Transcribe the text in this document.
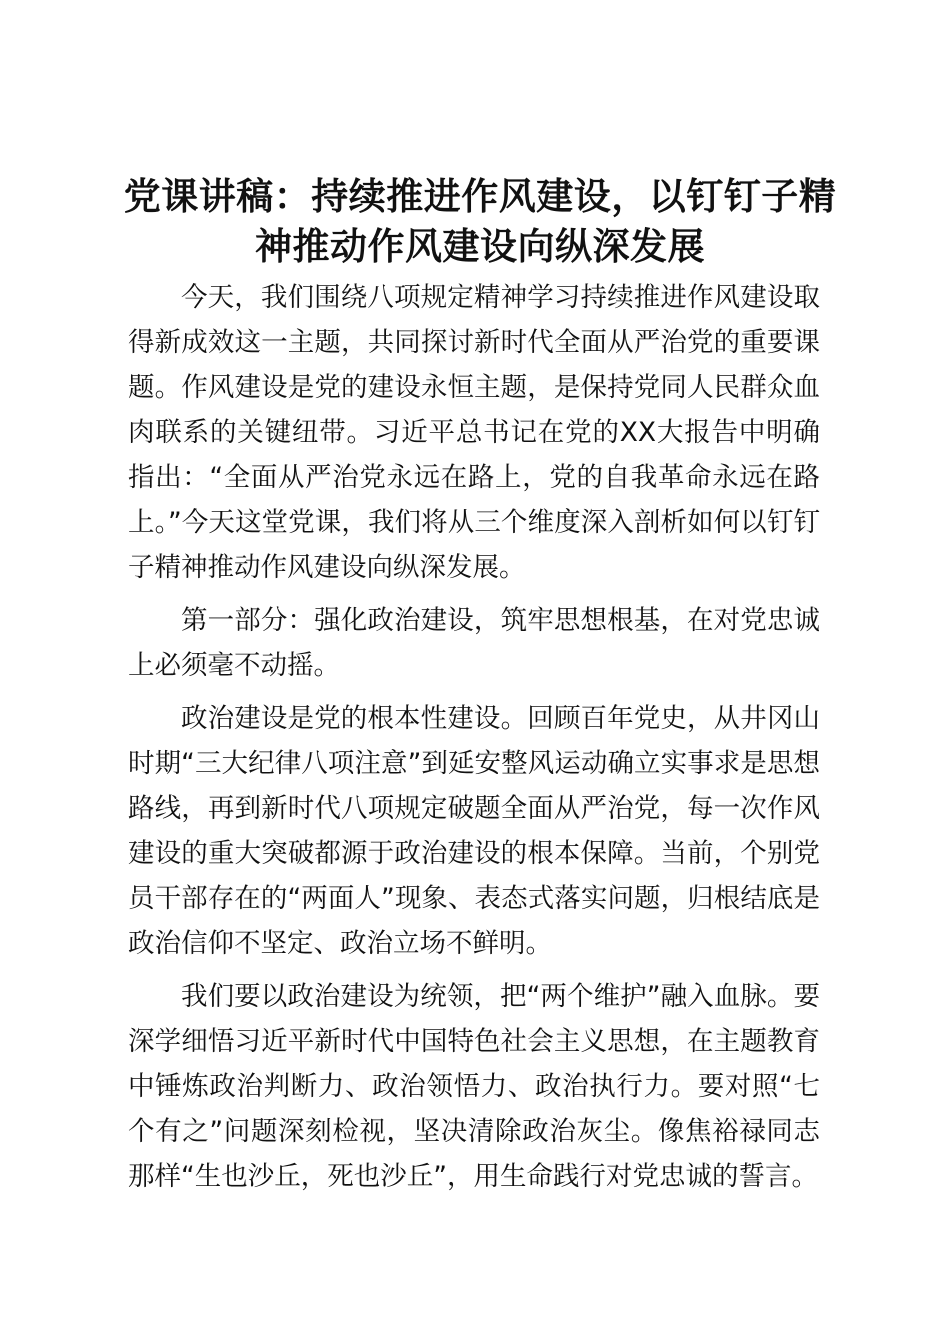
党课讲稿：持续推进作风建设，以钉钉子精神推动作风建设向纵深发展

今天，我们围绕八项规定精神学习持续推进作风建设取得新成效这一主题，共同探讨新时代全面从严治党的重要课题。作风建设是党的建设永恒主题，是保持党同人民群众血肉联系的关键纽带。习近平总书记在党的XX大报告中明确指出：“全面从严治党永远在路上，党的自我革命永远在路上。”今天这堂党课，我们将从三个维度深入剖析如何以钉钉子精神推动作风建设向纵深发展。

第一部分：强化政治建设，筑牢思想根基，在对党忠诚上必须毫不动摇。

政治建设是党的根本性建设。回顾百年党史，从井冈山时期“三大纪律八项注意”到延安整风运动确立实事求是思想路线，再到新时代八项规定破题全面从严治党，每一次作风建设的重大突破都源于政治建设的根本保障。当前，个别党员干部存在的“两面人”现象、表态式落实问题，归根结底是政治信仰不坚定、政治立场不鲜明。

我们要以政治建设为统领，把“两个维护”融入血脉。要深学细悟习近平新时代中国特色社会主义思想，在主题教育中锤炼政治判断力、政治领悟力、政治执行力。要对照“七个有之”问题深刻检视，坚决清除政治灰尘。像焦裕禄同志那样“生也沙丘，死也沙丘”，用生命践行对党忠诚的誓言。
